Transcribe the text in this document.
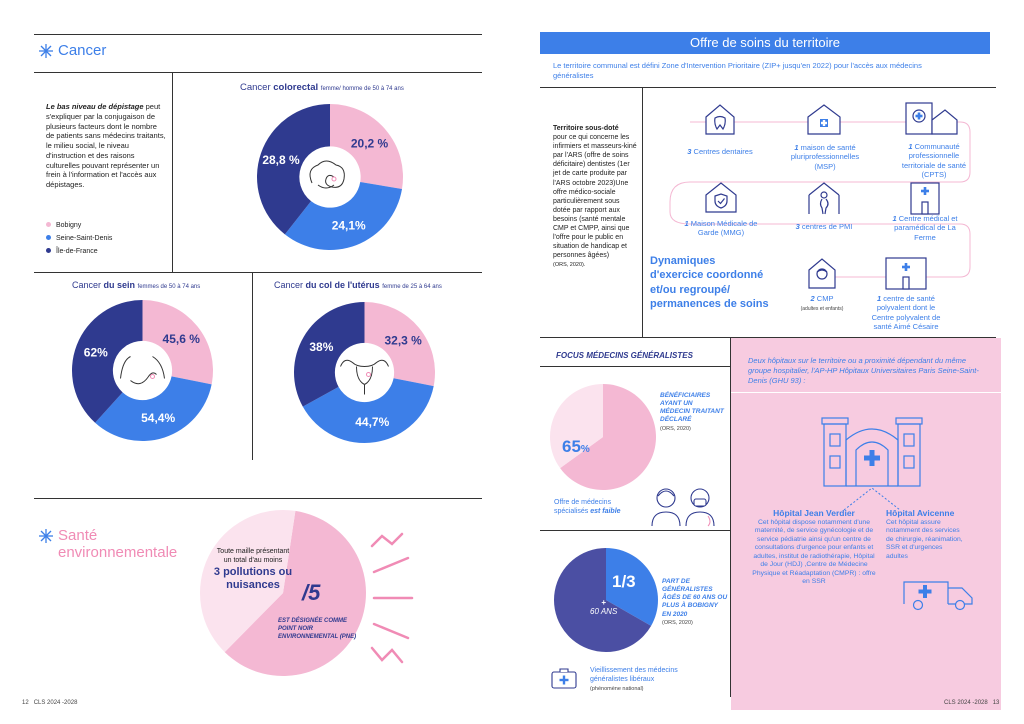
Cancer
Le bas niveau de dépistage peut s'expliquer par la conjugaison de plusieurs facteurs dont le nombre de patients sans médecins traitants, le milieu social, le niveau d'instruction et des raisons culturelles pouvant représenter un frein à l'information et l'accès aux dépistages.
Bobigny
Seine-Saint-Denis
Île-de-France
Cancer colorectal femme/ homme de 50 à 74 ans
20,2 %
24,1%
28,8 %
Cancer du sein femmes de 50 à 74 ans
45,6 %
54,4%
62%
Cancer du col de l'utérus femme de 25 à 64 ans
32,3 %
44,7%
38%
Santé
environnementale	Toute maille présentant un total d'au moins
3 pollutions ou nuisances	/5
EST DÉSIGNÉE COMME POINT NOIR ENVIRONNEMENTAL (PNE)
12 CLS 2024 -2028
Offre de soins du territoire
Le territoire communal est défini Zone d'Intervention Prioritaire (ZIP+ jusqu'en 2022) pour l'accès aux médecins généralistes
Territoire sous-doté
pour ce qui concerne les infirmiers et masseurs-kiné par l'ARS (offre de soins déficitaire) dentistes (1er jet de carte produite par l'ARS octobre 2023)Une offre médico-sociale particulièrement sous dotée par rapport aux besoins (santé mentale CMP et CMPP, ainsi que l'offre pour le public en situation de handicap et personnes âgées)
(ORS, 2020).
3 Centres dentaires	1 maison de santé pluriprofessionnelles (MSP)
1 Communauté professionnelle territoriale de santé (CPTS)
1 Maison Médicale de Garde (MMG)
3 centres de PMI
1 Centre médical et paramédical de La Ferme
2 CMP
(adultes et enfants)
1 centre de santé polyvalent dont le Centre polyvalent de santé Aimé Césaire
Dynamiques d'exercice coordonné et/ou regroupé/ permanences de soins
FOCUS MÉDECINS GÉNÉRALISTES
65%
BÉNÉFICIAIRES AYANT UN MÉDECIN TRAITANT DÉCLARÉ
(ORS, 2020)
Offre de médecins spécialisés est faible
1/3
+
60 ANS
PART DE GÉNÉRALISTES ÂGÉS DE 60 ANS OU PLUS À BOBIGNY EN 2020
(ORS, 2020)
Vieillissement des médecins généralistes libéraux
(phénomène national)
Deux hôpitaux sur le territoire ou a proximité dépendant du même groupe hospitalier, l'AP-HP Hôpitaux Universitaires Paris Seine-Saint-Denis (GHU 93) :
Hôpital Jean Verdier
Cet hôpital dispose notamment d'une maternité, de service gynécologie et de service pédiatrie ainsi qu'un centre de consultations d'urgence pour enfants et adultes, institut de radiothérapie, Hôpital de Jour (HDJ) ,Centre de Médecine Physique et Réadaptation (CMPR) : offre en SSR
Hôpital Avicenne
Cet hôpital assure notamment des services de chirurgie, réanimation, SSR et d'urgences adultes
CLS 2024 -2028 13
